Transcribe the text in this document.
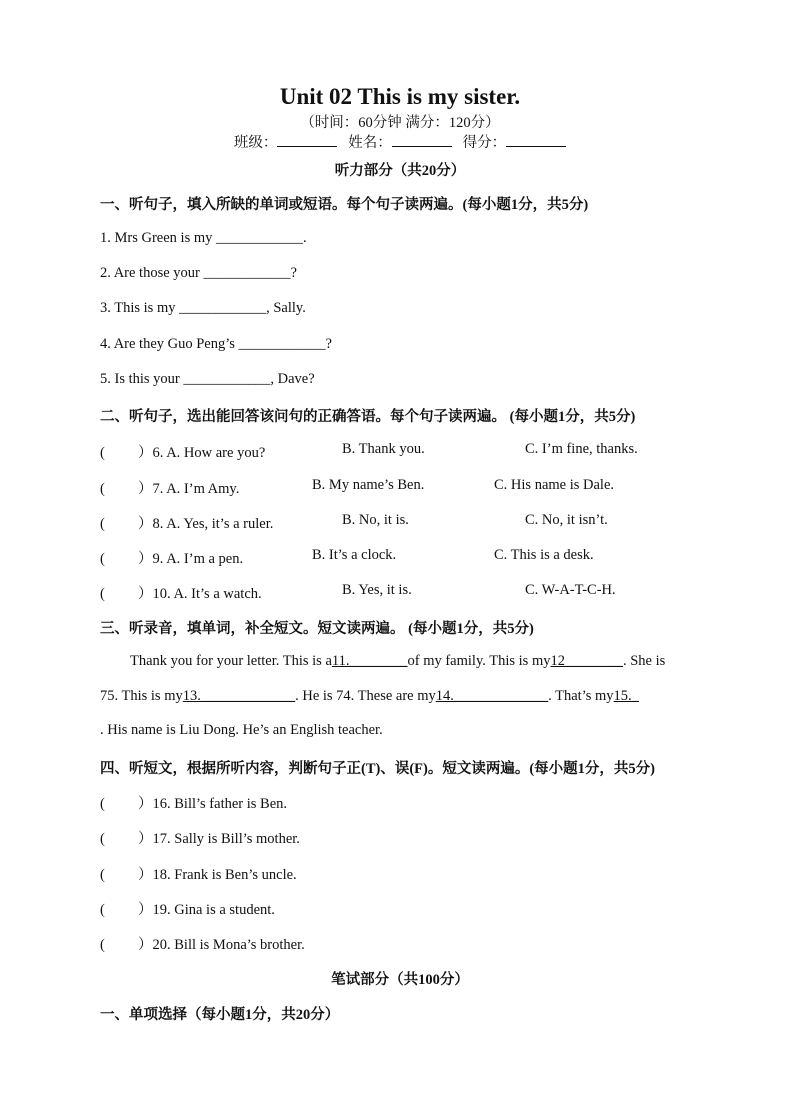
Unit 02 This is my sister.
（时间：60分钟 满分：120分）
班级：	姓名：	得分：
听力部分（共20分）
一、听句子，填入所缺的单词或短语。每个句子读两遍。(每小题1分，共5分)
1. Mrs Green is my ____________.
2. Are those your ____________?
3. This is my ____________, Sally.
4. Are they Guo Peng’s ____________?
5. Is this your ____________, Dave?
二、听句子，选出能回答该问句的正确答语。每个句子读两遍。 (每小题1分，共5分)
( ）6. A. How are you?	B. Thank you.	C. I’m fine, thanks.
( ）7. A. I’m Amy.	B. My name’s Ben.	C. His name is Dale.
( ）8. A. Yes, it’s a ruler.	B. No, it is.	C. No, it isn’t.
( ）9. A. I’m a pen.	B. It’s a clock.	C. This is a desk.
( ）10. A. It’s a watch.	B. Yes, it is.	C. W-A-T-C-H.
三、听录音，填单词，补全短文。短文读两遍。 (每小题1分，共5分)
Thank you for your letter. This is a11.________of my family. This is my12________. She is
75. This is my13._____________. He is 74. These are my14._____________. That’s my15._
. His name is Liu Dong. He’s an English teacher.
四、听短文，根据所听内容，判断句子正(T)、误(F)。短文读两遍。(每小题1分，共5分)
( ）16. Bill’s father is Ben.
( ）17. Sally is Bill’s mother.
( ）18. Frank is Ben’s uncle.
( ）19. Gina is a student.
( ）20. Bill is Mona’s brother.
笔试部分（共100分）
一、单项选择（每小题1分，共20分）
